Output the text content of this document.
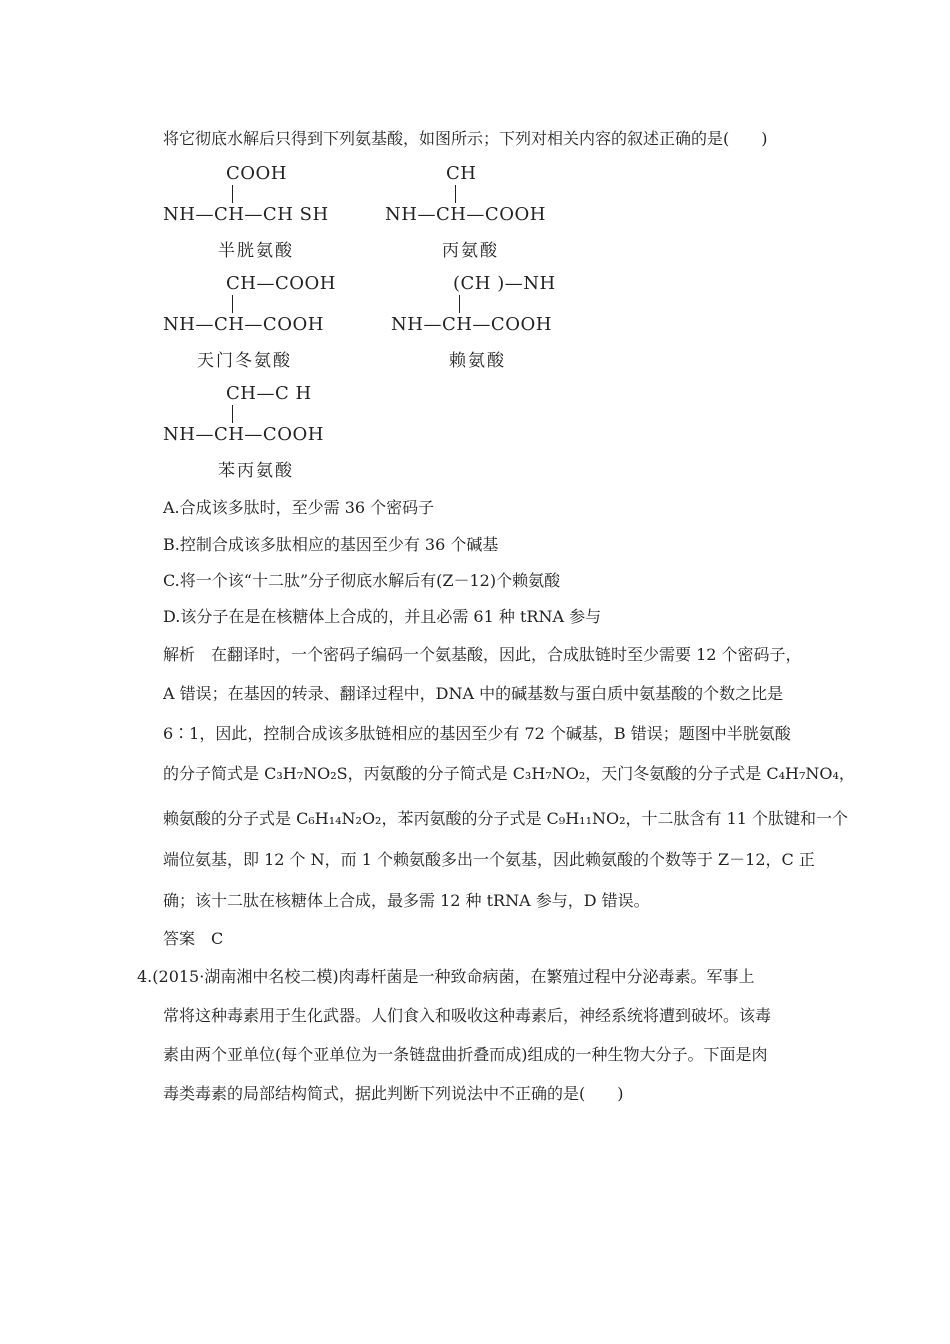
将它彻底水解后只得到下列氨基酸，如图所示；下列对相关内容的叙述正确的是(　　)
COOH
NH—CH—CH SH
半胱氨酸
CH
NH—CH—COOH
丙氨酸
CH—COOH
NH—CH—COOH
天门冬氨酸
(CH )—NH
NH—CH—COOH
赖氨酸
CH—C H
NH—CH—COOH
苯丙氨酸
A.合成该多肽时，至少需 36 个密码子
B.控制合成该多肽相应的基因至少有 36 个碱基
C.将一个该“十二肽”分子彻底水解后有(Z－12)个赖氨酸
D.该分子在是在核糖体上合成的，并且必需 61 种 tRNA 参与
解析　在翻译时，一个密码子编码一个氨基酸，因此，合成肽链时至少需要 12 个密码子，
A 错误；在基因的转录、翻译过程中，DNA 中的碱基数与蛋白质中氨基酸的个数之比是
6∶1，因此，控制合成该多肽链相应的基因至少有 72 个碱基，B 错误；题图中半胱氨酸
的分子简式是 C₃H₇NO₂S，丙氨酸的分子简式是 C₃H₇NO₂，天门冬氨酸的分子式是 C₄H₇NO₄，
赖氨酸的分子式是 C₆H₁₄N₂O₂，苯丙氨酸的分子式是 C₉H₁₁NO₂，十二肽含有 11 个肽键和一个
端位氨基，即 12 个 N，而 1 个赖氨酸多出一个氨基，因此赖氨酸的个数等于 Z－12，C 正
确；该十二肽在核糖体上合成，最多需 12 种 tRNA 参与，D 错误。
答案　C
4.(2015·湖南湘中名校二模)肉毒杆菌是一种致命病菌，在繁殖过程中分泌毒素。军事上
常将这种毒素用于生化武器。人们食入和吸收这种毒素后，神经系统将遭到破坏。该毒
素由两个亚单位(每个亚单位为一条链盘曲折叠而成)组成的一种生物大分子。下面是肉
毒类毒素的局部结构简式，据此判断下列说法中不正确的是(　　)
